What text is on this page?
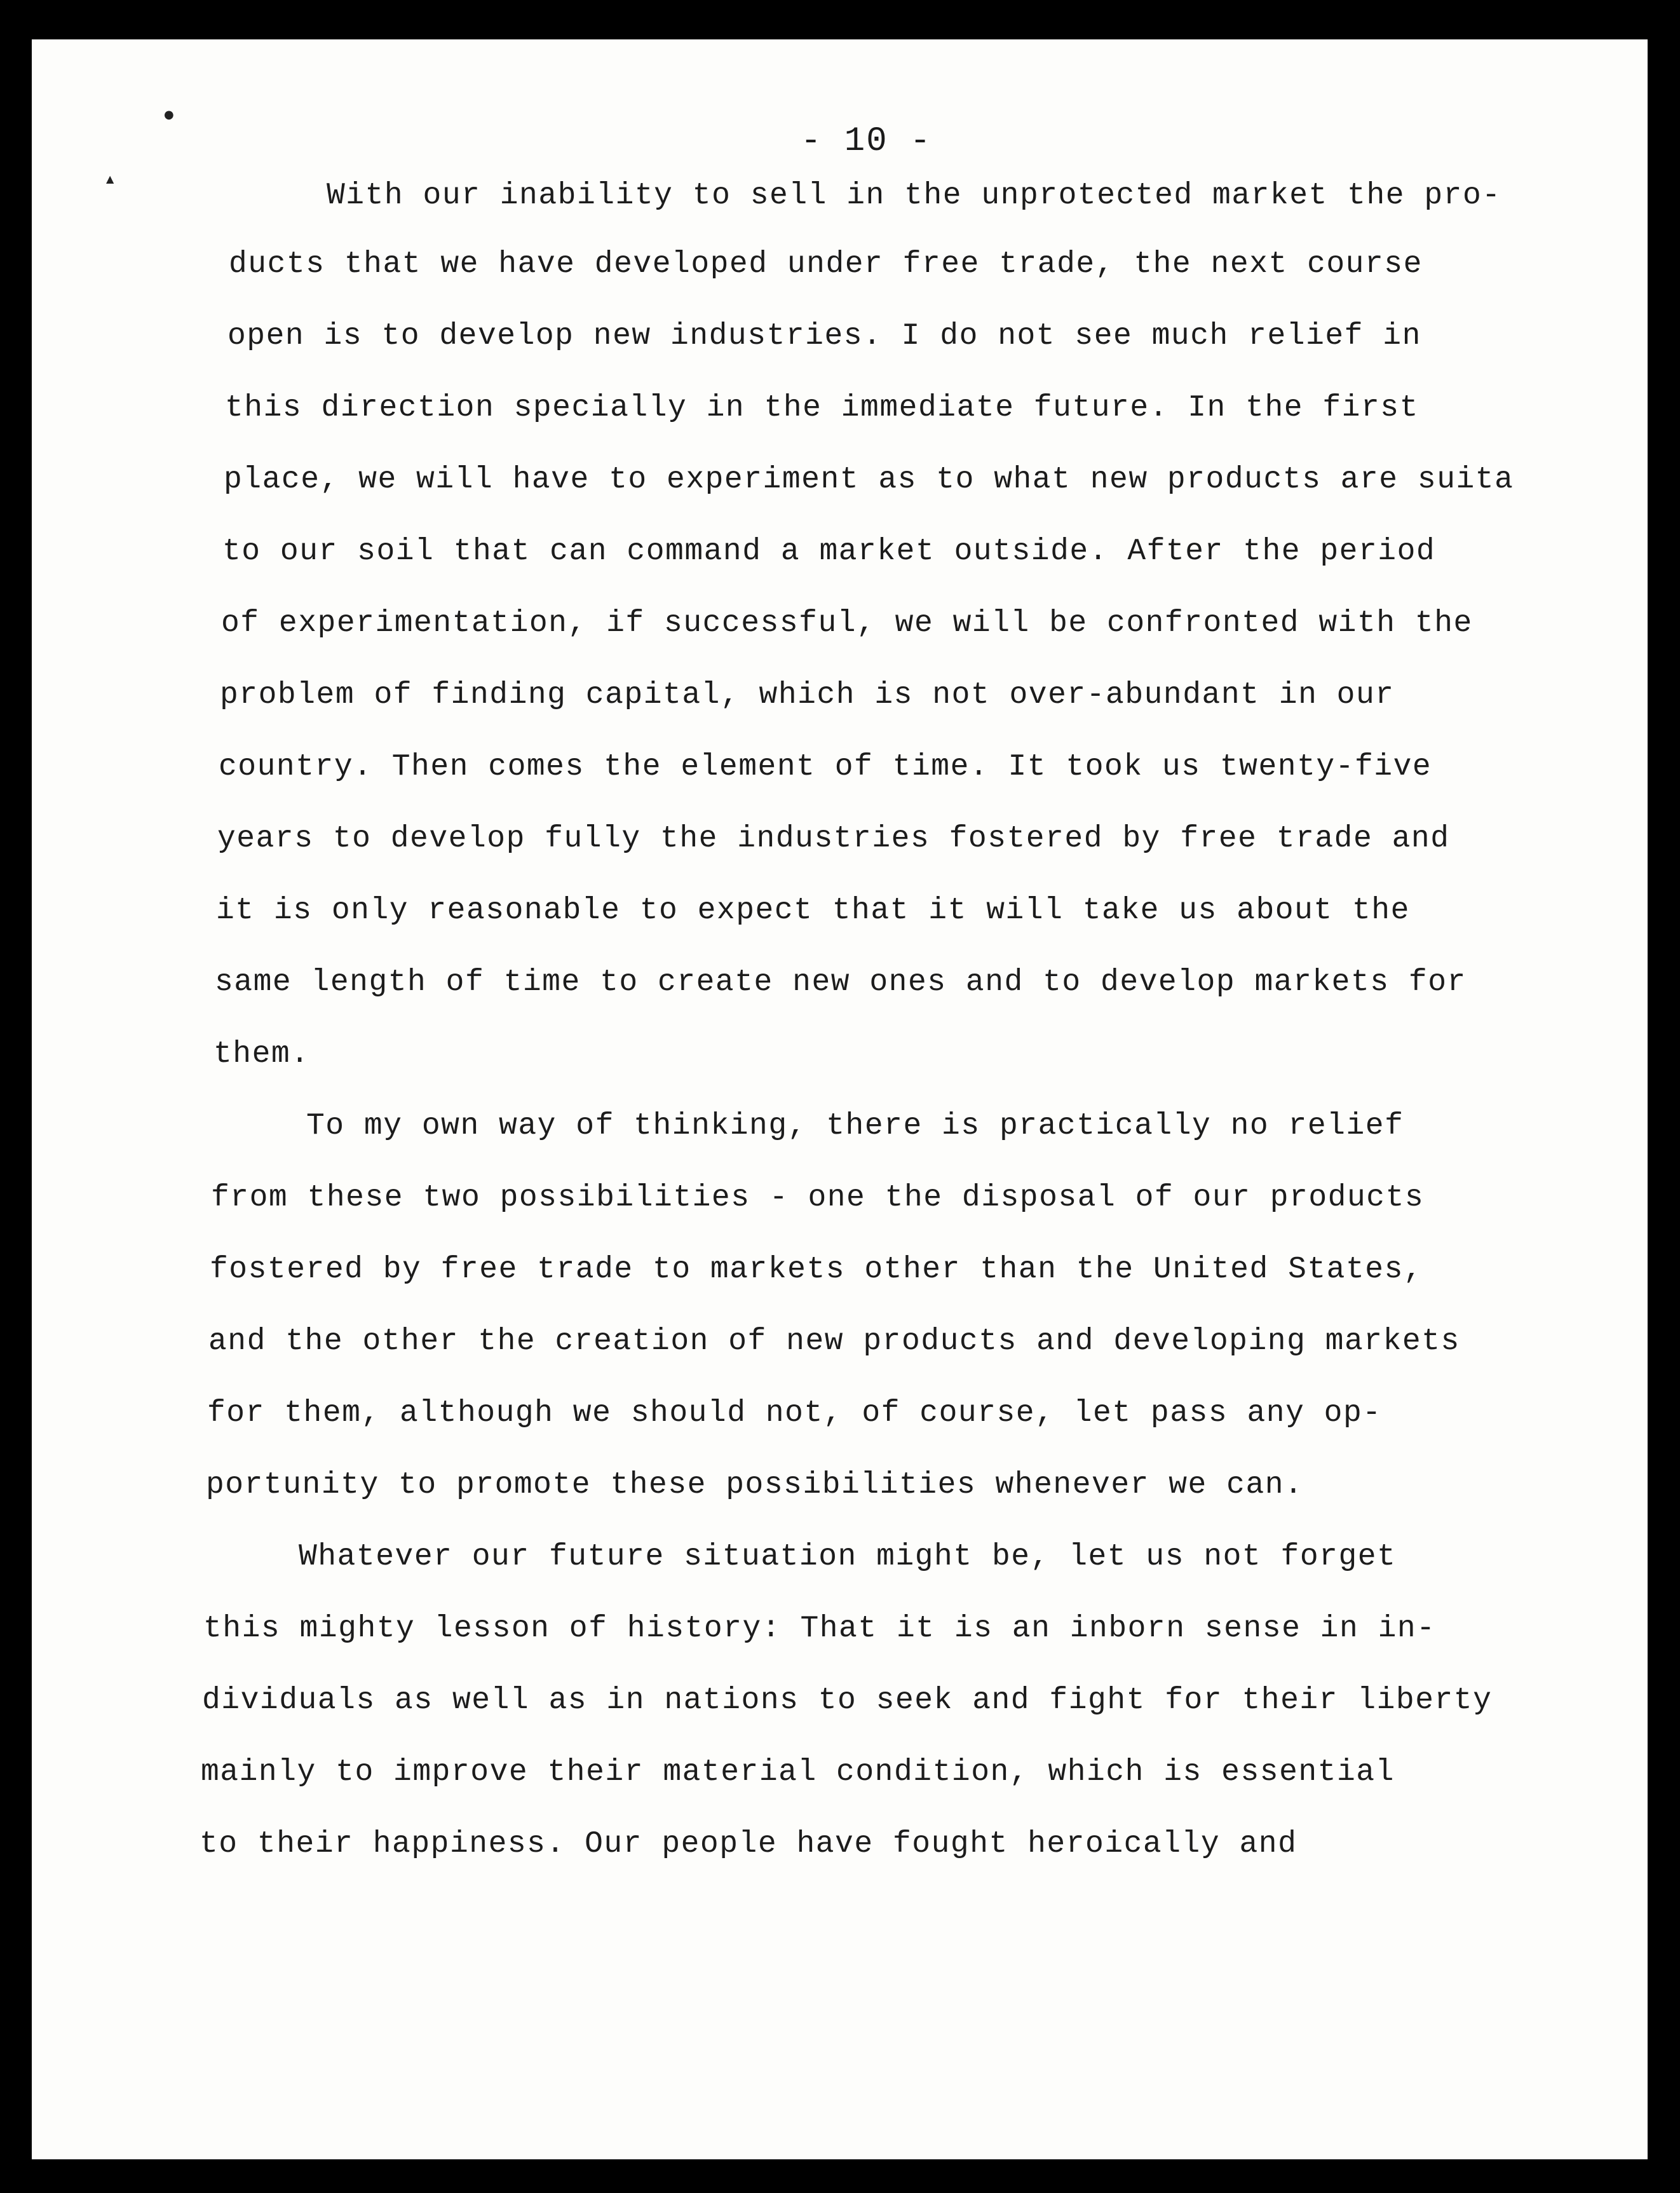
●
▲
- 10 -
With our inability to sell in the unprotected market the pro-
ducts that we have developed under free trade, the next course
open is to develop new industries. I do not see much relief in
this direction specially in the immediate future. In the first
place, we will have to experiment as to what new products are suita
to our soil that can command a market outside. After the period
of experimentation, if successful, we will be confronted with the
problem of finding capital, which is not over-abundant in our
country. Then comes the element of time. It took us twenty-five
years to develop fully the industries fostered by free trade and
it is only reasonable to expect that it will take us about the
same length of time to create new ones and to develop markets for
them.
To my own way of thinking, there is practically no relief
from these two possibilities - one the disposal of our products
fostered by free trade to markets other than the United States,
and the other the creation of new products and developing markets
for them, although we should not, of course, let pass any op-
portunity to promote these possibilities whenever we can.
Whatever our future situation might be, let us not forget
this mighty lesson of history: That it is an inborn sense in in-
dividuals as well as in nations to seek and fight for their liberty
mainly to improve their material condition, which is essential
to their happiness. Our people have fought heroically and
